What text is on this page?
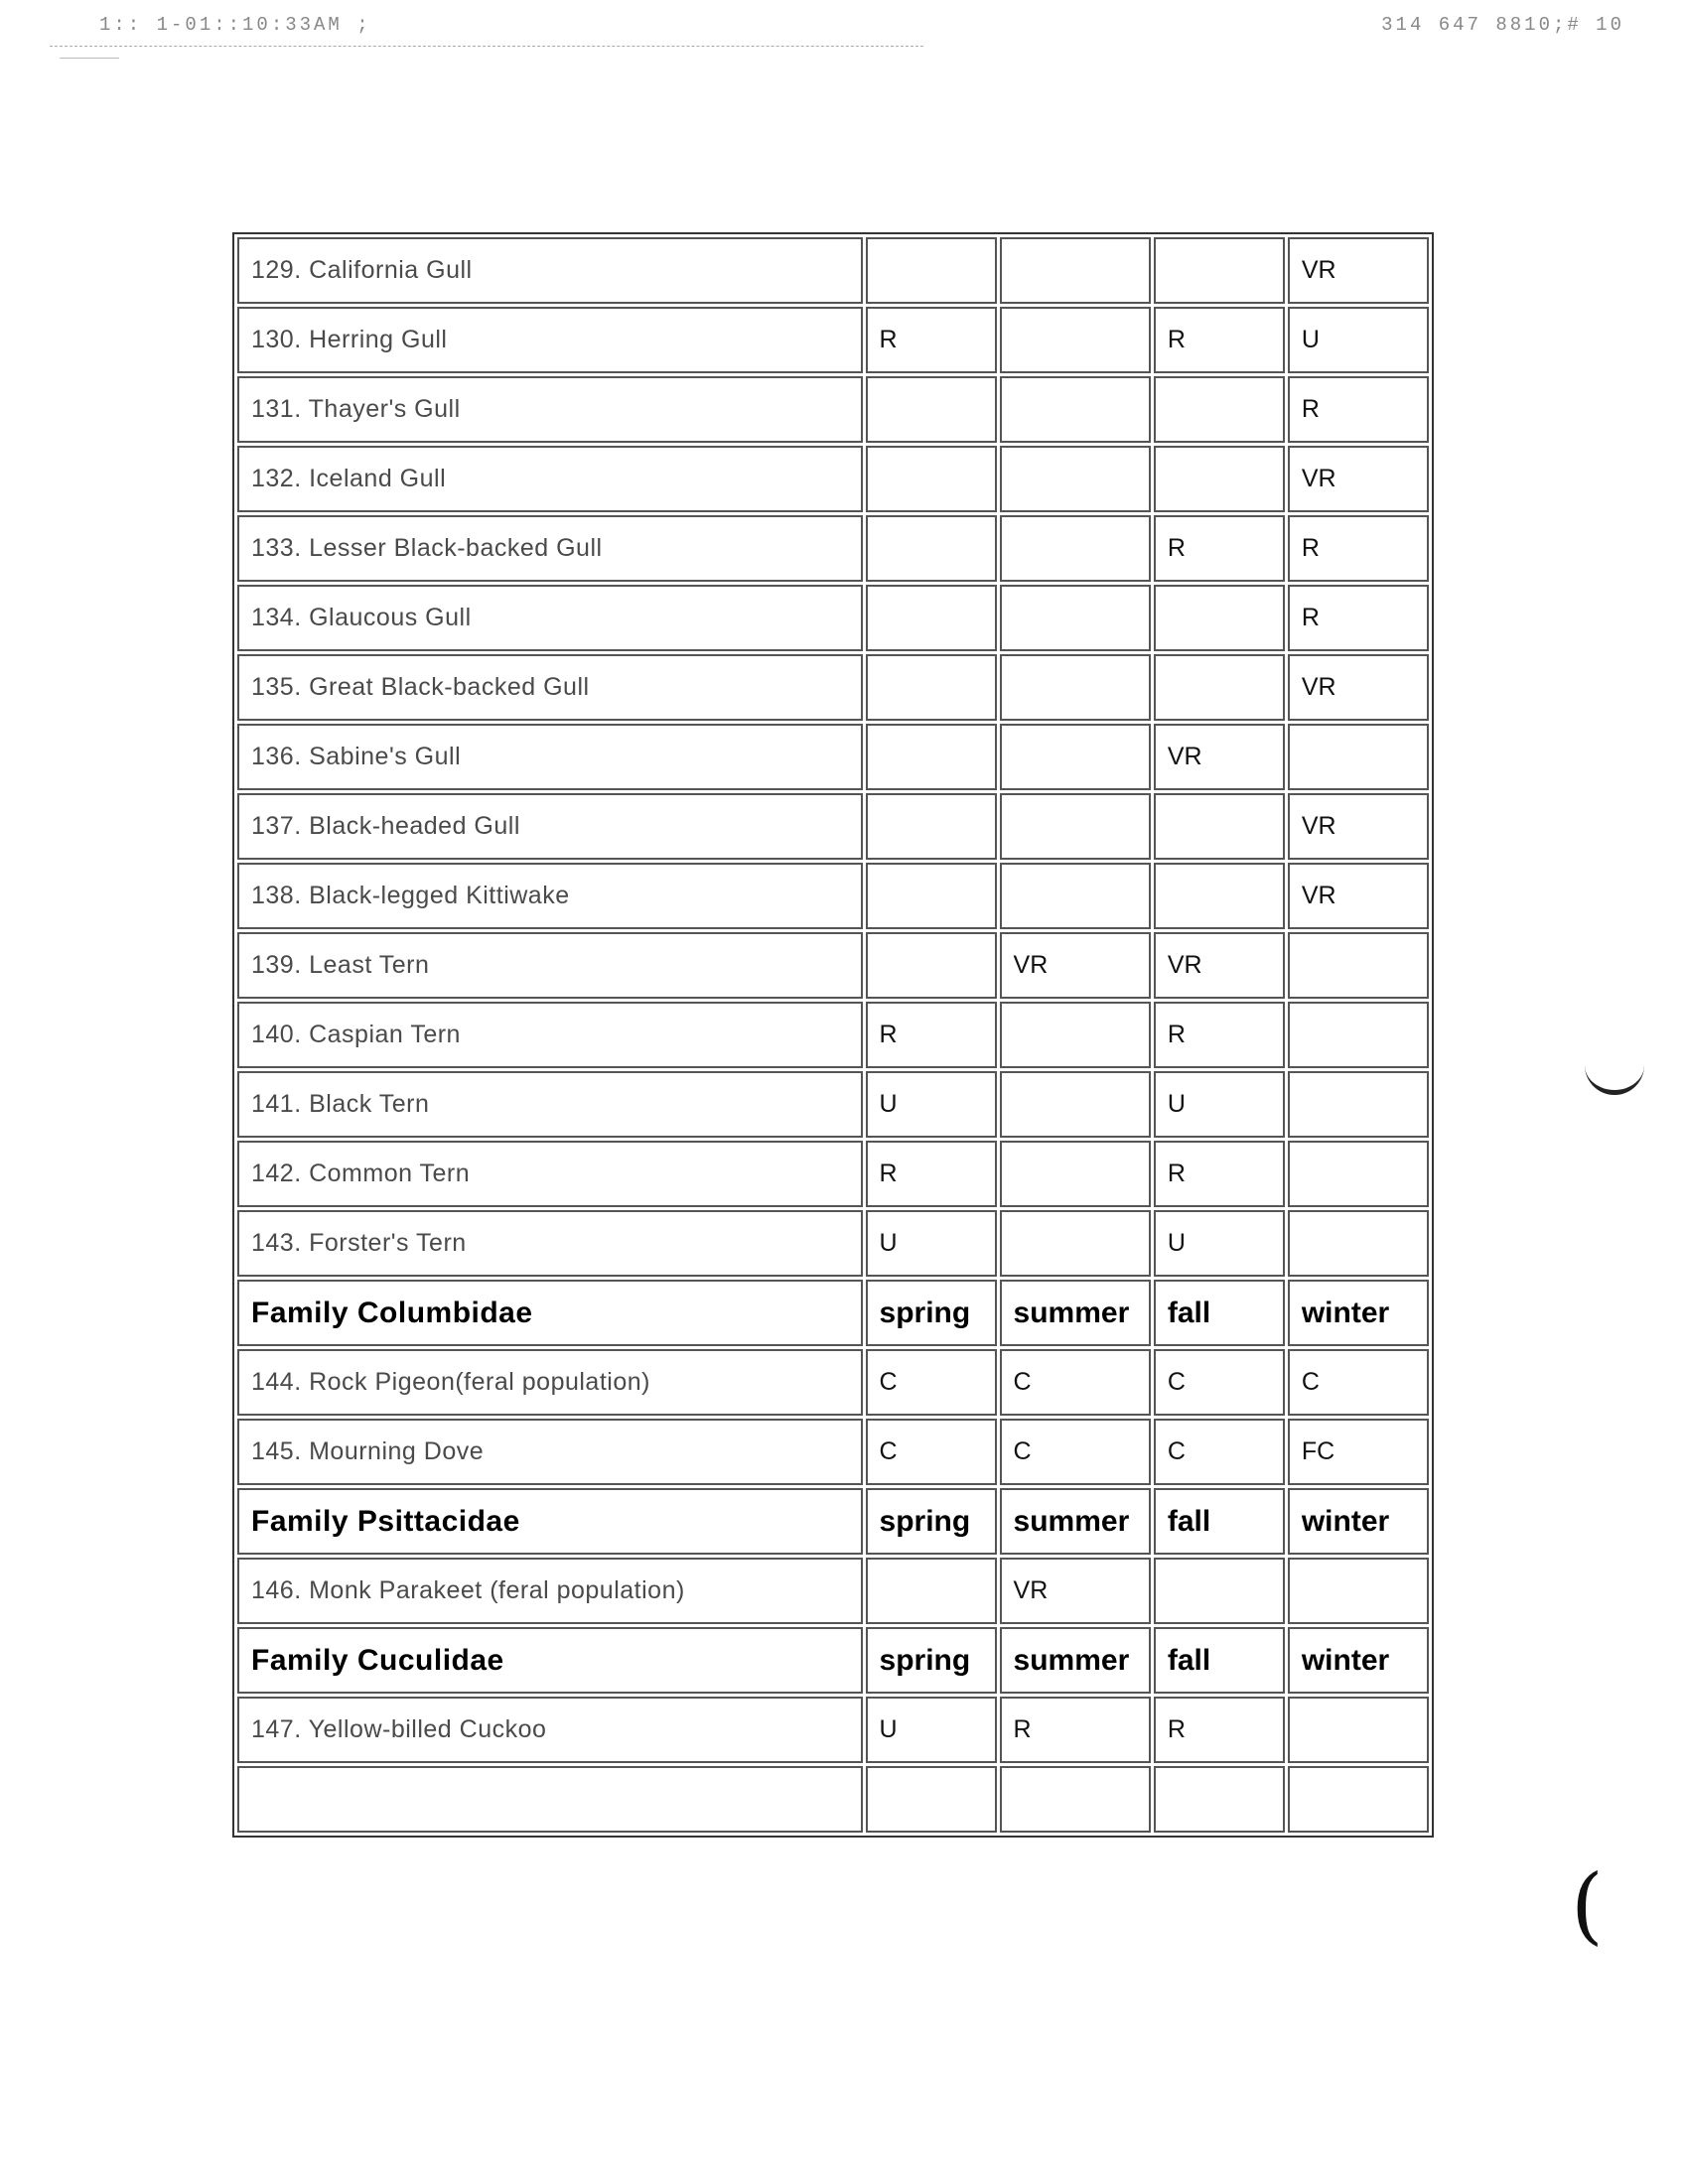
1:: 1-01::10:33AM ;	314 647 8810;# 10
129. California Gull				VR
130. Herring Gull	R		R	U
131. Thayer's Gull				R
132. Iceland Gull				VR
133. Lesser Black-backed Gull			R	R
134. Glaucous Gull				R
135. Great Black-backed Gull				VR
136. Sabine's Gull			VR	
137. Black-headed Gull				VR
138. Black-legged Kittiwake				VR
139. Least Tern		VR	VR	
140. Caspian Tern	R		R	
141. Black Tern	U		U	
142. Common Tern	R		R	
143. Forster's Tern	U		U	
Family Columbidae	spring	summer	fall	winter
144. Rock Pigeon(feral population)	C	C	C	C
145. Mourning Dove	C	C	C	FC
Family Psittacidae	spring	summer	fall	winter
146. Monk Parakeet (feral population)		VR		
Family Cuculidae	spring	summer	fall	winter
147. Yellow-billed Cuckoo	U	R	R	

(
